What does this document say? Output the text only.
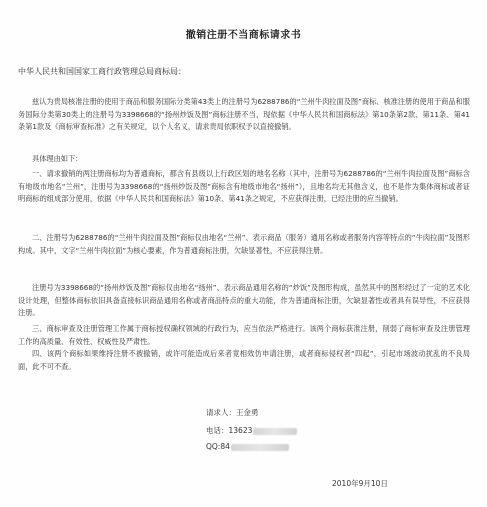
撤销注册不当商标请求书
中华人民共和国国家工商行政管理总局商标局：
兹认为贵局核准注册的使用于商品和服务国际分类第43类上的注册号为6288786的“兰州牛肉拉面及图”商标、核准注册的使用于商品和服务国际分类第30类上的注册号为3398668的“扬州炒饭及图”商标注册不当，现依据《中华人民共和国商标法》第10条第2款、第11条、第41条第1款及《商标审查标准》之有关规定，以个人名义，请求贵局依职权予以直接撤销。
具体理由如下：
一、请求撤销的两注册商标均为普通商标，都含有县级以上行政区划的地名名称（其中，注册号为6288786的“兰州牛肉拉面及图”商标含有地级市地名“兰州”，注册号为3398668的“扬州炒饭及图”商标含有地级市地名“扬州”），且地名均无其他含义，也不是作为集体商标或者证明商标的组成部分使用，依据《中华人民共和国商标法》第10条、第41条之规定，不应获得注册，已经注册的应当撤销。
二、注册号为6288786的“兰州牛肉拉面及图”商标仅由地名“兰州”、表示商品（服务）通用名称或者服务内容等特点的“牛肉拉面”及图形构成。其中，文字“兰州牛肉拉面”为核心要素，作为普通商标注册，欠缺显著性，不应获得注册。
注册号为3398668的“扬州炒饭及图”商标仅由地名“扬州”、表示商品通用名称的“炒饭”及图形构成，虽然其中的图形经过了一定的艺术化设计处理，但整体商标依旧具备直接标识商品通用名称或者商品特点的重大功能，作为普通商标注册，欠缺显著性或者具有误导性，不应获得注册。
三、商标审查及注册管理工作属于商标授权确权领域的行政行为，应当依法严格进行。该两个商标获准注册，削弱了商标审查及注册管理工作的高质量、有效性、权威性及严肃性。
四、该两个商标如果维持注册不被撤销，或许可能造成后来者竟相效仿申请注册，或者商标侵权者“四起”，引起市场波动扰乱的不良局面，此不可不查。
请求人：王金勇
电话：13623
QQ:84
2010年9月10日
